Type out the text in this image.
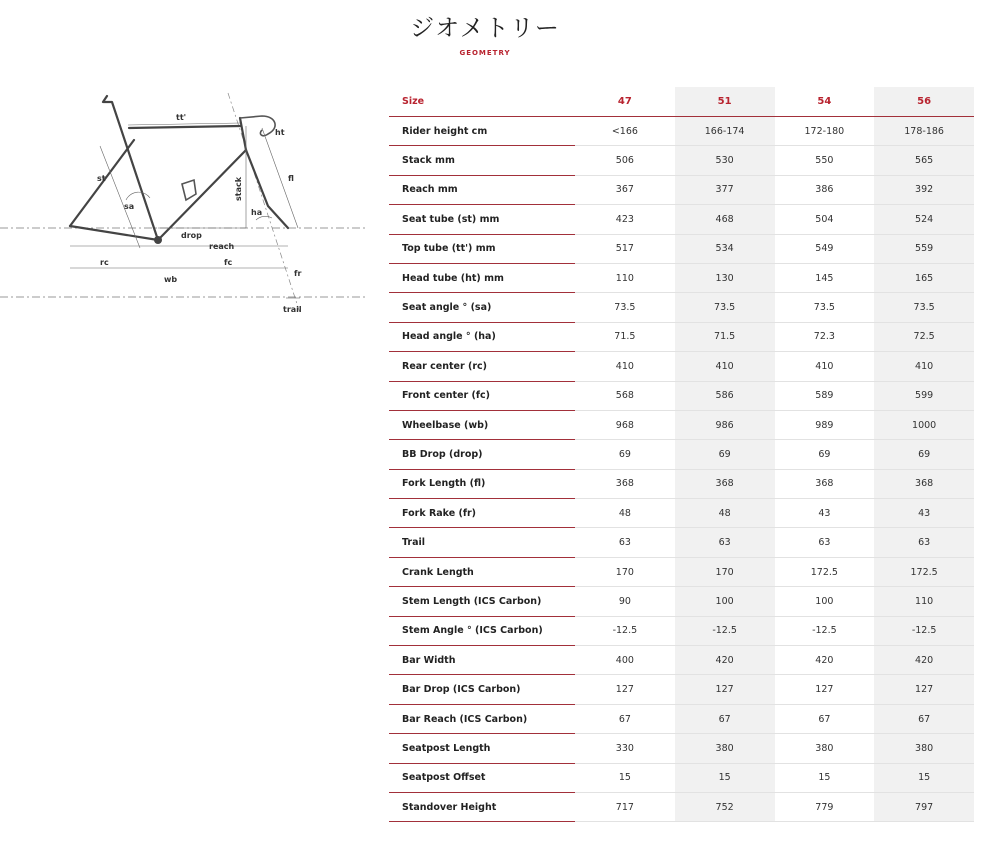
ジオメトリー
GEOMETRY
tt'
ht
st	stack	fl
sa
ha
drop
reach
rc	fc
fr
wb
trail
Size	47	51	54	56
Rider height cm	<166	166-174	172-180	178-186
Stack mm	506	530	550	565
Reach mm	367	377	386	392
Seat tube (st) mm	423	468	504	524
Top tube (tt') mm	517	534	549	559
Head tube (ht) mm	110	130	145	165
Seat angle ° (sa)	73.5	73.5	73.5	73.5
Head angle ° (ha)	71.5	71.5	72.3	72.5
Rear center (rc)	410	410	410	410
Front center (fc)	568	586	589	599
Wheelbase (wb)	968	986	989	1000
BB Drop (drop)	69	69	69	69
Fork Length (fl)	368	368	368	368
Fork Rake (fr)	48	48	43	43
Trail	63	63	63	63
Crank Length	170	170	172.5	172.5
Stem Length (ICS Carbon)	90	100	100	110
Stem Angle ° (ICS Carbon)	-12.5	-12.5	-12.5	-12.5
Bar Width	400	420	420	420
Bar Drop (ICS Carbon)	127	127	127	127
Bar Reach (ICS Carbon)	67	67	67	67
Seatpost Length	330	380	380	380
Seatpost Offset	15	15	15	15
Standover Height	717	752	779	797
